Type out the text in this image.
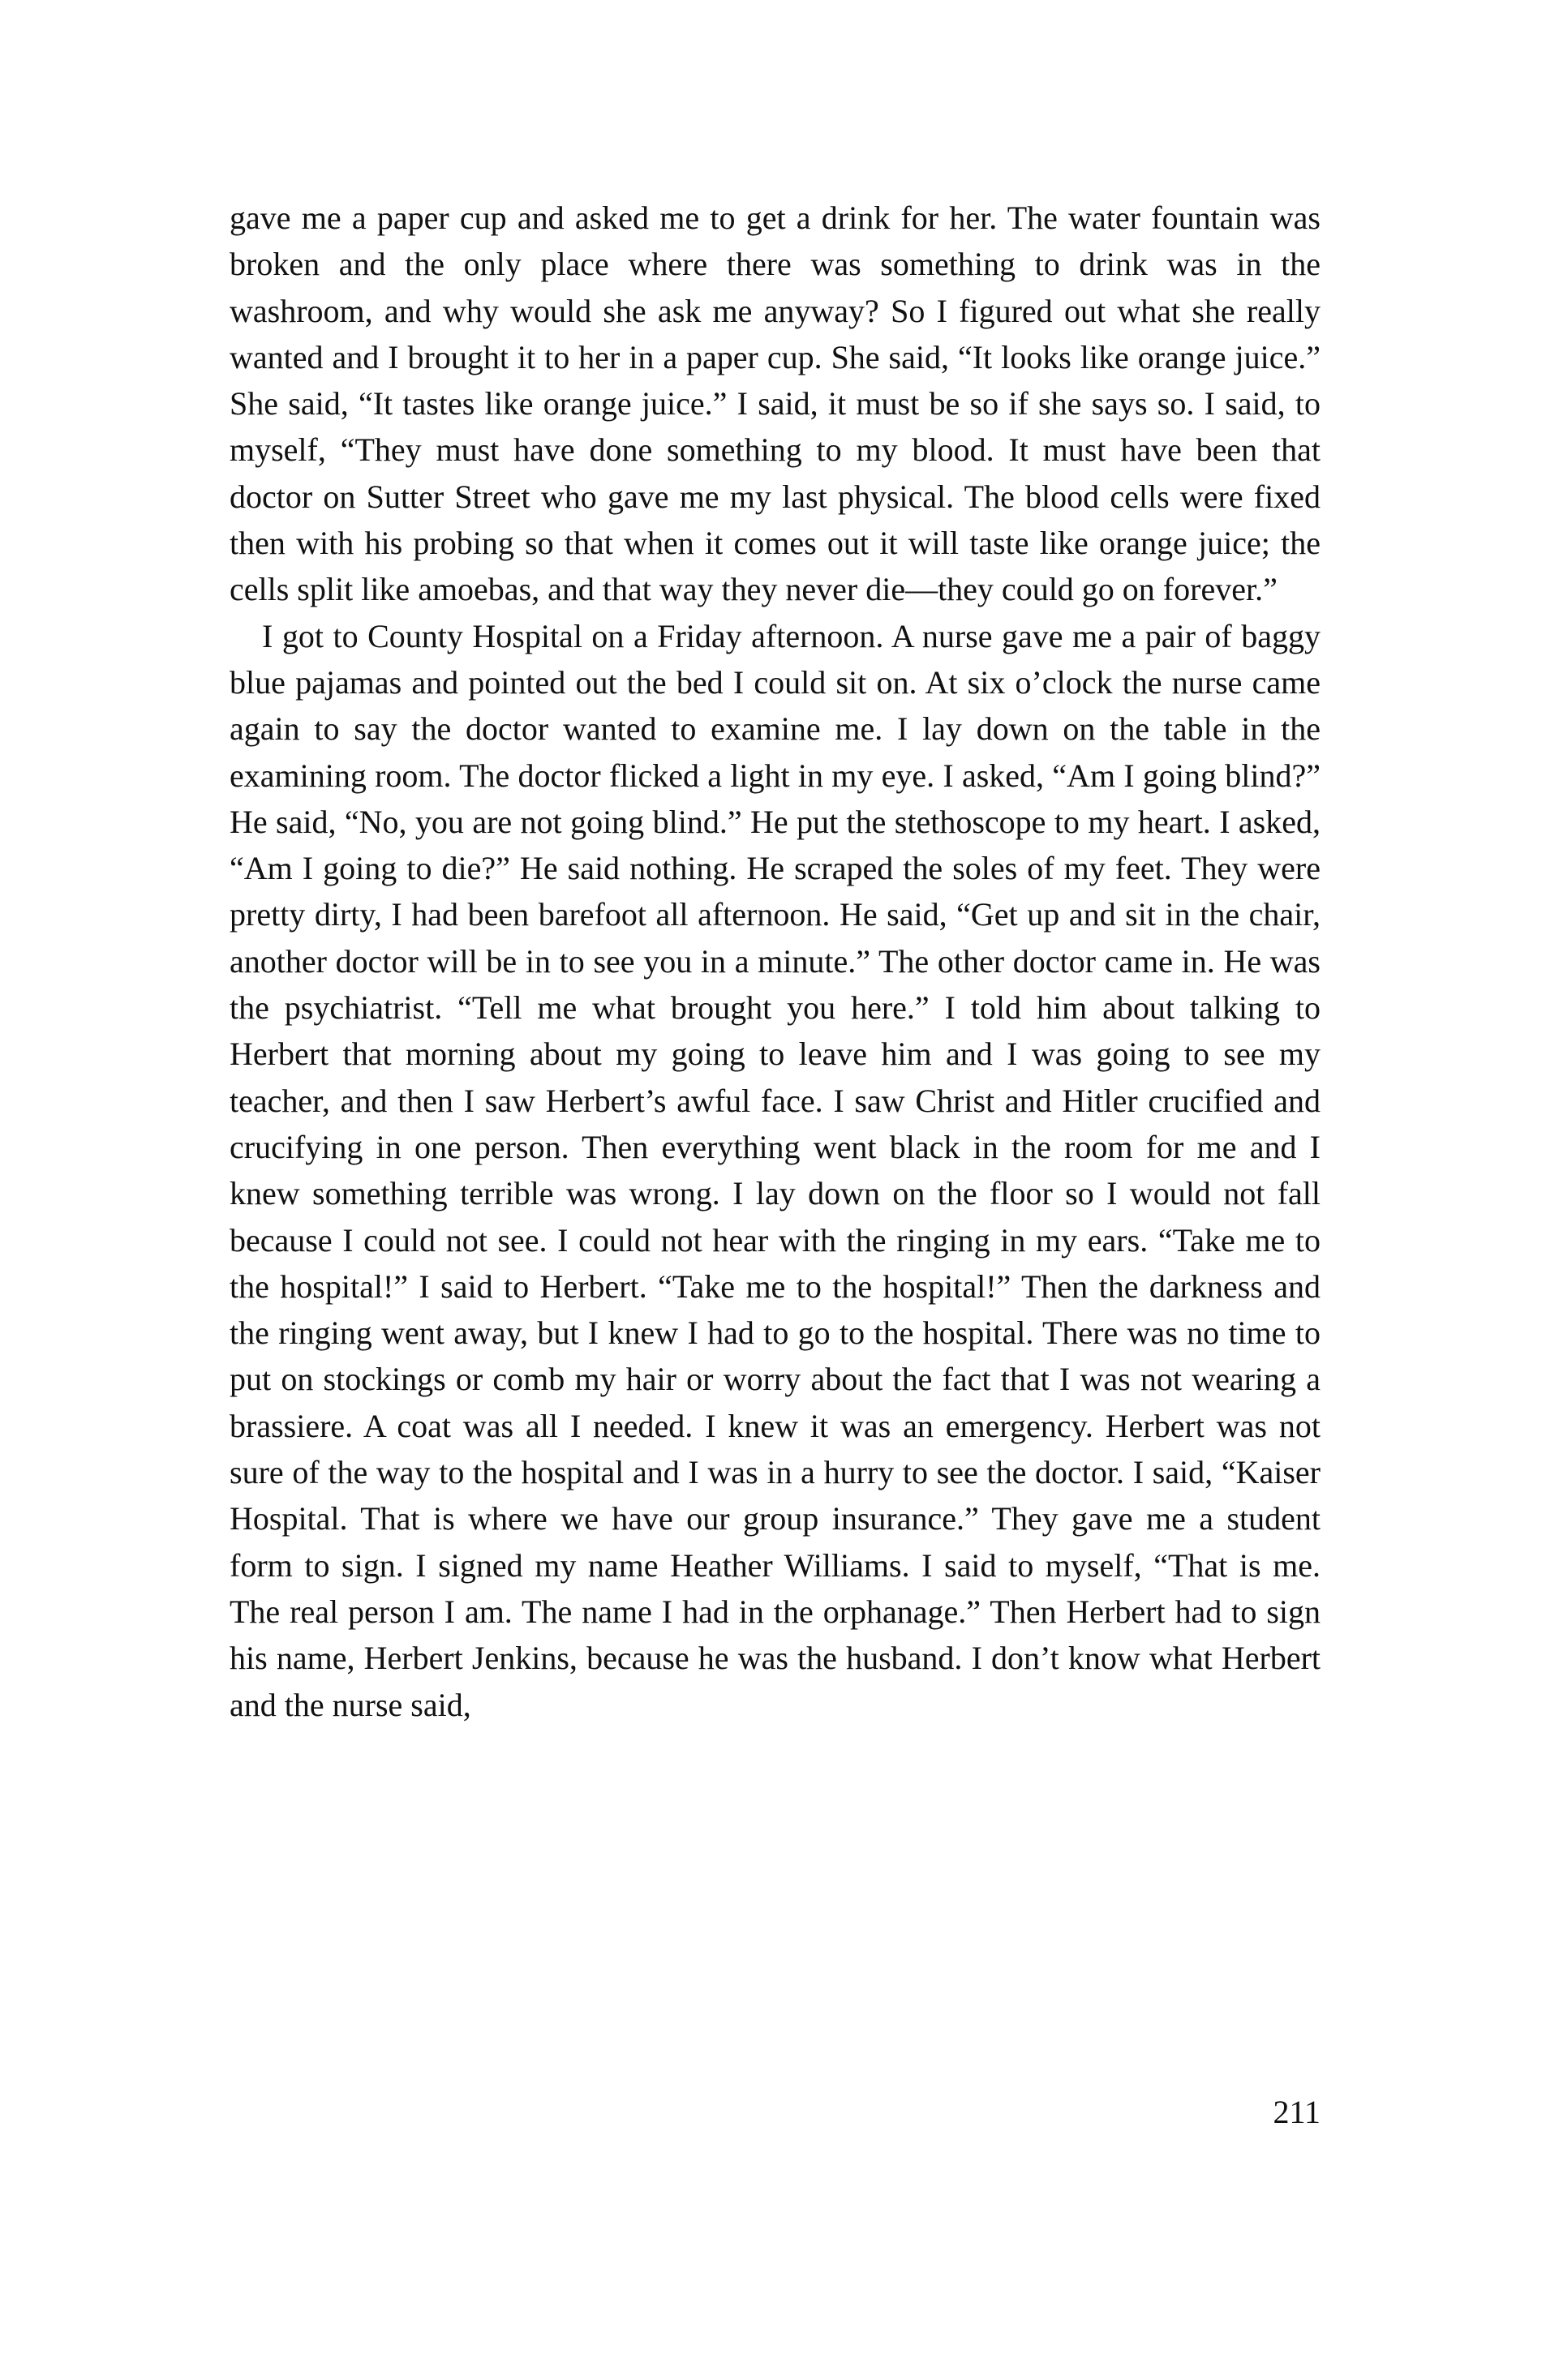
gave me a paper cup and asked me to get a drink for her. The water fountain was broken and the only place where there was something to drink was in the washroom, and why would she ask me anyway? So I figured out what she really wanted and I brought it to her in a paper cup. She said, “It looks like orange juice.” She said, “It tastes like orange juice.” I said, it must be so if she says so. I said, to myself, “They must have done something to my blood. It must have been that doctor on Sutter Street who gave me my last physical. The blood cells were fixed then with his probing so that when it comes out it will taste like orange juice; the cells split like amoebas, and that way they never die—they could go on forever.”

I got to County Hospital on a Friday afternoon. A nurse gave me a pair of baggy blue pajamas and pointed out the bed I could sit on. At six o’clock the nurse came again to say the doctor wanted to examine me. I lay down on the table in the examining room. The doctor flicked a light in my eye. I asked, “Am I going blind?” He said, “No, you are not going blind.” He put the stethoscope to my heart. I asked, “Am I going to die?” He said nothing. He scraped the soles of my feet. They were pretty dirty, I had been barefoot all afternoon. He said, “Get up and sit in the chair, another doctor will be in to see you in a minute.” The other doctor came in. He was the psychiatrist. “Tell me what brought you here.” I told him about talking to Herbert that morning about my going to leave him and I was going to see my teacher, and then I saw Herbert’s awful face. I saw Christ and Hitler crucified and crucifying in one person. Then everything went black in the room for me and I knew something terrible was wrong. I lay down on the floor so I would not fall because I could not see. I could not hear with the ringing in my ears. “Take me to the hospital!” I said to Herbert. “Take me to the hospital!” Then the darkness and the ringing went away, but I knew I had to go to the hospital. There was no time to put on stockings or comb my hair or worry about the fact that I was not wearing a brassiere. A coat was all I needed. I knew it was an emergency. Herbert was not sure of the way to the hospital and I was in a hurry to see the doctor. I said, “Kaiser Hospital. That is where we have our group insurance.” They gave me a student form to sign. I signed my name Heather Williams. I said to myself, “That is me. The real person I am. The name I had in the orphanage.” Then Herbert had to sign his name, Herbert Jenkins, because he was the husband. I don’t know what Herbert and the nurse said,

211
